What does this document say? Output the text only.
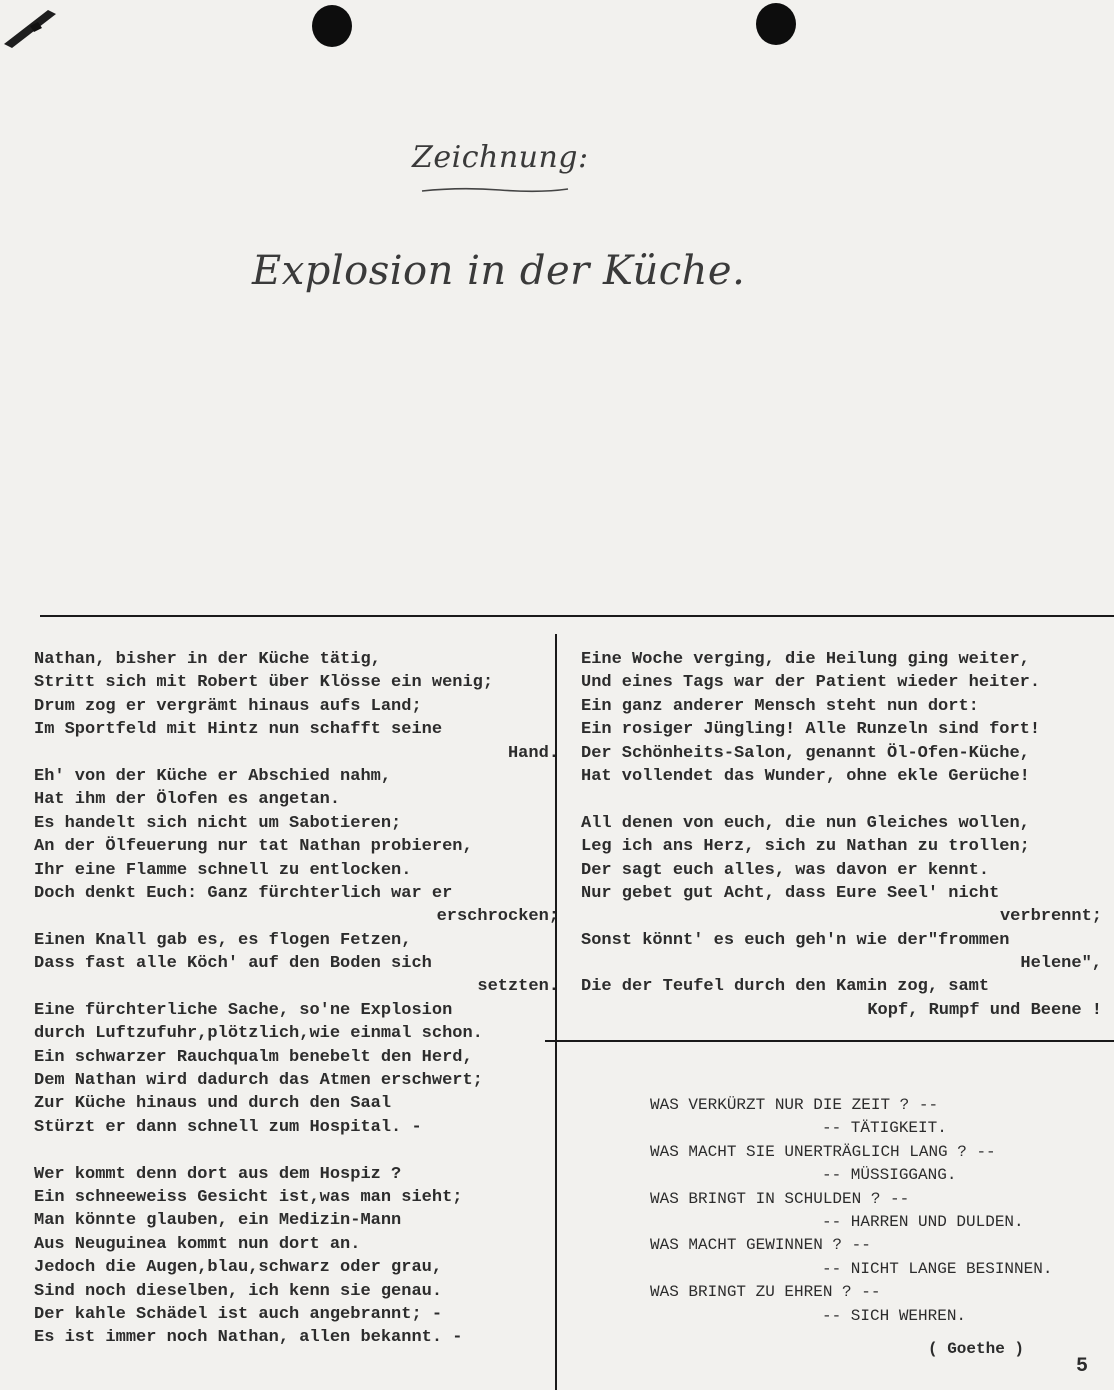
Zeichnung:
Explosion in der Küche.
Nathan, bisher in der Küche tätig,
Stritt sich mit Robert über Klösse ein wenig;
Drum zog er vergrämt hinaus aufs Land;
Im Sportfeld mit Hintz nun schafft seine
Hand.
Eh' von der Küche er Abschied nahm,
Hat ihm der Ölofen es angetan.
Es handelt sich nicht um Sabotieren;
An der Ölfeuerung nur tat Nathan probieren,
Ihr eine Flamme schnell zu entlocken.
Doch denkt Euch: Ganz fürchterlich war er
erschrocken;
Einen Knall gab es, es flogen Fetzen,
Dass fast alle Köch' auf den Boden sich
setzten.
Eine fürchterliche Sache, so'ne Explosion
durch Luftzufuhr,plötzlich,wie einmal schon.
Ein schwarzer Rauchqualm benebelt den Herd,
Dem Nathan wird dadurch das Atmen erschwert;
Zur Küche hinaus und durch den Saal
Stürzt er dann schnell zum Hospital. -
Wer kommt denn dort aus dem Hospiz ?
Ein schneeweiss Gesicht ist,was man sieht;
Man könnte glauben, ein Medizin-Mann
Aus Neuguinea kommt nun dort an.
Jedoch die Augen,blau,schwarz oder grau,
Sind noch dieselben, ich kenn sie genau.
Der kahle Schädel ist auch angebrannt; -
Es ist immer noch Nathan, allen bekannt. -
Eine Woche verging, die Heilung ging weiter,
Und eines Tags war der Patient wieder heiter.
Ein ganz anderer Mensch steht nun dort:
Ein rosiger Jüngling! Alle Runzeln sind fort!
Der Schönheits-Salon, genannt Öl-Ofen-Küche,
Hat vollendet das Wunder, ohne ekle Gerüche!
All denen von euch, die nun Gleiches wollen,
Leg ich ans Herz, sich zu Nathan zu trollen;
Der sagt euch alles, was davon er kennt.
Nur gebet gut Acht, dass Eure Seel' nicht
verbrennt;
Sonst könnt' es euch geh'n wie der"frommen
Helene",
Die der Teufel durch den Kamin zog, samt
Kopf, Rumpf und Beene !
WAS VERKÜRZT NUR DIE ZEIT ? --
-- TÄTIGKEIT.
WAS MACHT SIE UNERTRÄGLICH LANG ? --
-- MÜSSIGGANG.
WAS BRINGT IN SCHULDEN ? --
-- HARREN UND DULDEN.
WAS MACHT GEWINNEN ? --
-- NICHT LANGE BESINNEN.
WAS BRINGT ZU EHREN ? --
-- SICH WEHREN.
( Goethe )
5
